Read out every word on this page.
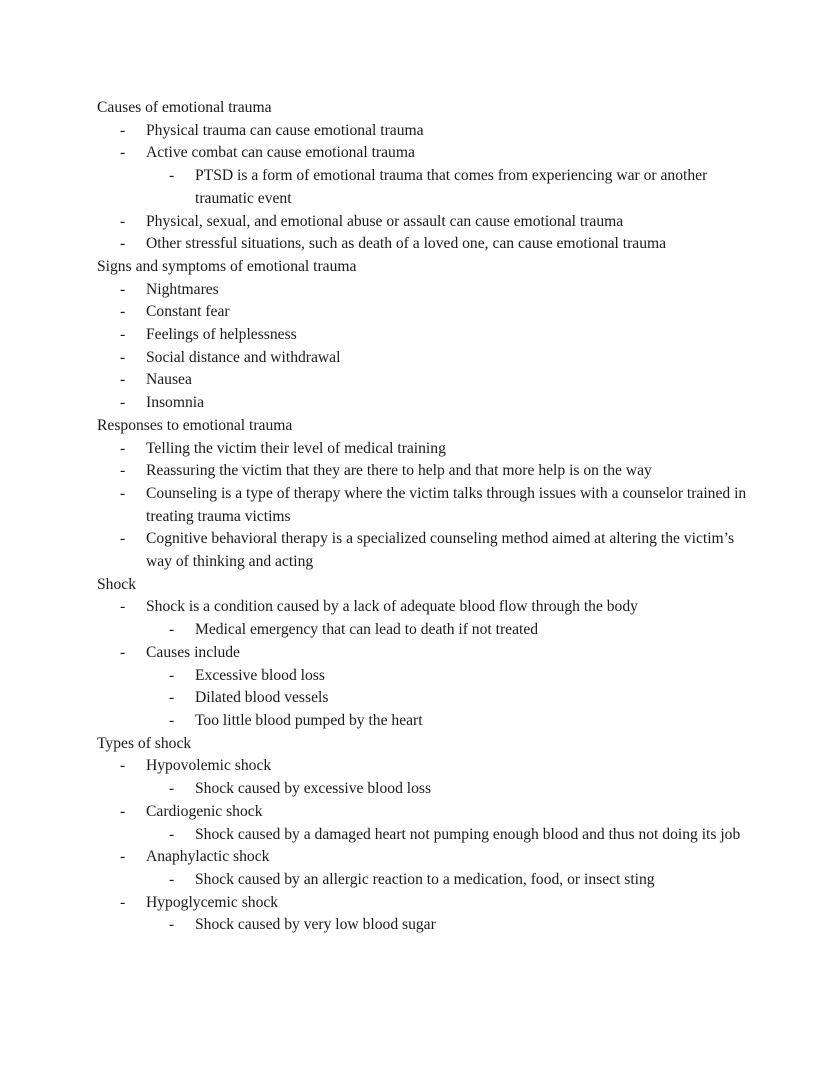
Causes of emotional trauma
- Physical trauma can cause emotional trauma
- Active combat can cause emotional trauma
- PTSD is a form of emotional trauma that comes from experiencing war or another traumatic event
- Physical, sexual, and emotional abuse or assault can cause emotional trauma
- Other stressful situations, such as death of a loved one, can cause emotional trauma
Signs and symptoms of emotional trauma
- Nightmares
- Constant fear
- Feelings of helplessness
- Social distance and withdrawal
- Nausea
- Insomnia
Responses to emotional trauma
- Telling the victim their level of medical training
- Reassuring the victim that they are there to help and that more help is on the way
- Counseling is a type of therapy where the victim talks through issues with a counselor trained in treating trauma victims
- Cognitive behavioral therapy is a specialized counseling method aimed at altering the victim’s way of thinking and acting
Shock
- Shock is a condition caused by a lack of adequate blood flow through the body
- Medical emergency that can lead to death if not treated
- Causes include
- Excessive blood loss
- Dilated blood vessels
- Too little blood pumped by the heart
Types of shock
- Hypovolemic shock
- Shock caused by excessive blood loss
- Cardiogenic shock
- Shock caused by a damaged heart not pumping enough blood and thus not doing its job
- Anaphylactic shock
- Shock caused by an allergic reaction to a medication, food, or insect sting
- Hypoglycemic shock
- Shock caused by very low blood sugar
